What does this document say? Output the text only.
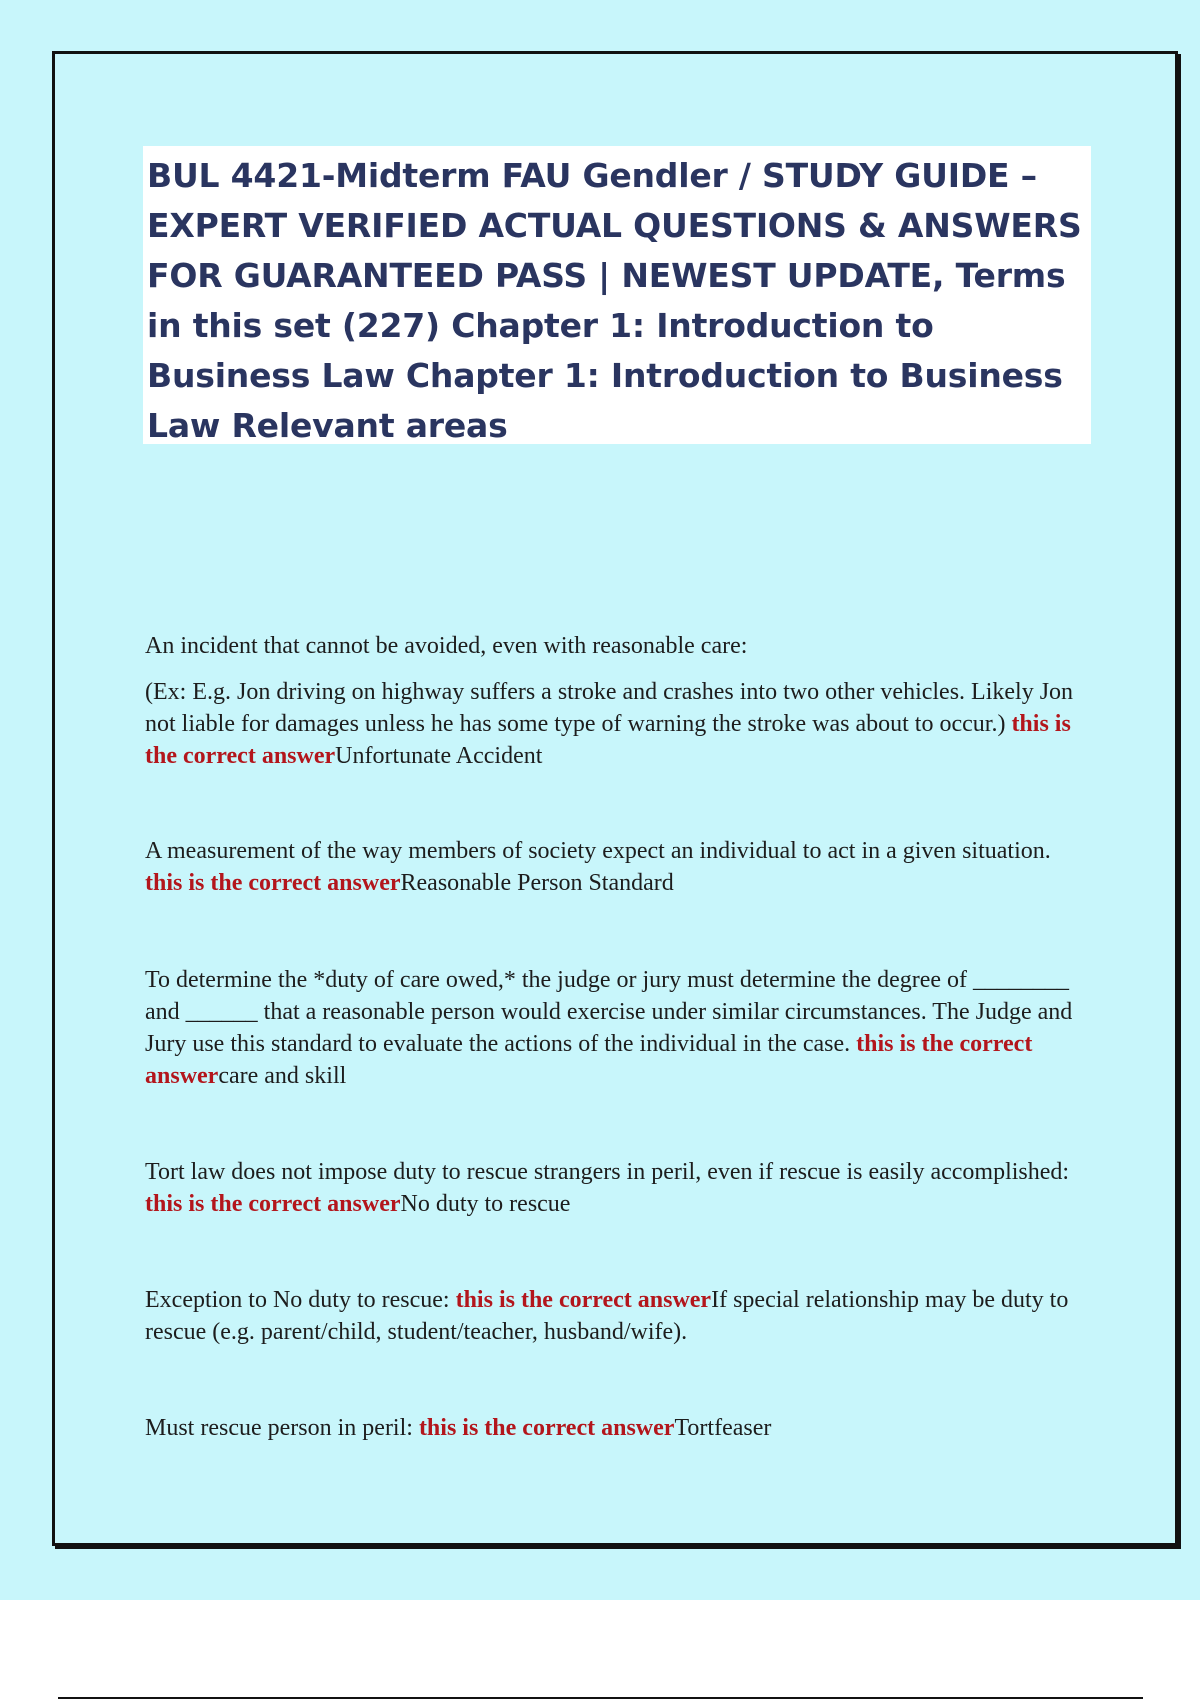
BUL 4421-Midterm FAU Gendler / STUDY GUIDE – EXPERT VERIFIED ACTUAL QUESTIONS & ANSWERS FOR GUARANTEED PASS | NEWEST UPDATE, Terms in this set (227) Chapter 1: Introduction to Business Law Chapter 1: Introduction to Business Law Relevant areas

An incident that cannot be avoided, even with reasonable care:

(Ex: E.g. Jon driving on highway suffers a stroke and crashes into two other vehicles. Likely Jon not liable for damages unless he has some type of warning the stroke was about to occur.) this is the correct answerUnfortunate Accident

A measurement of the way members of society expect an individual to act in a given situation. this is the correct answerReasonable Person Standard

To determine the *duty of care owed,* the judge or jury must determine the degree of ________ and ______ that a reasonable person would exercise under similar circumstances. The Judge and Jury use this standard to evaluate the actions of the individual in the case. this is the correct answercare and skill

Tort law does not impose duty to rescue strangers in peril, even if rescue is easily accomplished: this is the correct answerNo duty to rescue

Exception to No duty to rescue: this is the correct answerIf special relationship may be duty to rescue (e.g. parent/child, student/teacher, husband/wife).

Must rescue person in peril: this is the correct answerTortfeaser
